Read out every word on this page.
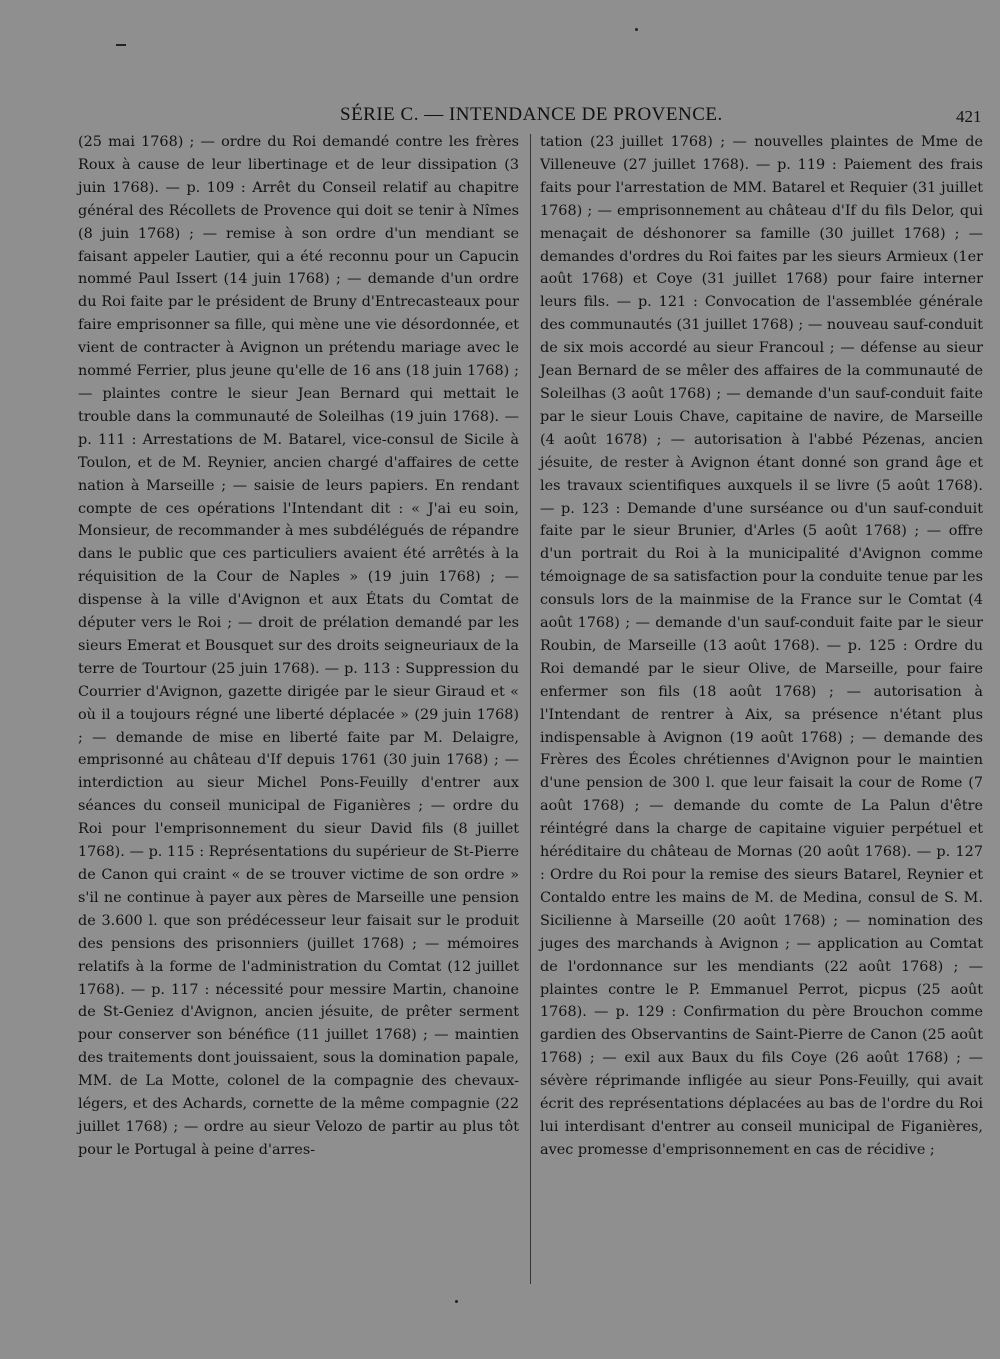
SÉRIE C. — INTENDANCE DE PROVENCE.	421
(25 mai 1768) ; — ordre du Roi demandé contre les frères Roux à cause de leur libertinage et de leur dissipation (3 juin 1768). — p. 109 : Arrêt du Conseil relatif au chapitre général des Récollets de Provence qui doit se tenir à Nîmes (8 juin 1768) ; — remise à son ordre d'un mendiant se faisant appeler Lautier, qui a été reconnu pour un Capucin nommé Paul Issert (14 juin 1768) ; — demande d'un ordre du Roi faite par le président de Bruny d'Entrecasteaux pour faire emprisonner sa fille, qui mène une vie désordonnée, et vient de contracter à Avignon un prétendu mariage avec le nommé Ferrier, plus jeune qu'elle de 16 ans (18 juin 1768) ; — plaintes contre le sieur Jean Bernard qui mettait le trouble dans la communauté de Soleilhas (19 juin 1768). — p. 111 : Arrestations de M. Batarel, vice-consul de Sicile à Toulon, et de M. Reynier, ancien chargé d'affaires de cette nation à Marseille ; — saisie de leurs papiers. En rendant compte de ces opérations l'Intendant dit : « J'ai eu soin, Monsieur, de recommander à mes subdélégués de répandre dans le public que ces particuliers avaient été arrêtés à la réquisition de la Cour de Naples » (19 juin 1768) ; — dispense à la ville d'Avignon et aux États du Comtat de députer vers le Roi ; — droit de prélation demandé par les sieurs Emerat et Bousquet sur des droits seigneuriaux de la terre de Tourtour (25 juin 1768). — p. 113 : Suppression du Courrier d'Avignon, gazette dirigée par le sieur Giraud et « où il a toujours régné une liberté déplacée » (29 juin 1768) ; — demande de mise en liberté faite par M. Delaigre, emprisonné au château d'If depuis 1761 (30 juin 1768) ; — interdiction au sieur Michel Pons-Feuilly d'entrer aux séances du conseil municipal de Figanières ; — ordre du Roi pour l'emprisonnement du sieur David fils (8 juillet 1768). — p. 115 : Représentations du supérieur de St-Pierre de Canon qui craint « de se trouver victime de son ordre » s'il ne continue à payer aux pères de Marseille une pension de 3.600 l. que son prédécesseur leur faisait sur le produit des pensions des prisonniers (juillet 1768) ; — mémoires relatifs à la forme de l'administration du Comtat (12 juillet 1768). — p. 117 : nécessité pour messire Martin, chanoine de St-Geniez d'Avignon, ancien jésuite, de prêter serment pour conserver son bénéfice (11 juillet 1768) ; — maintien des traitements dont jouissaient, sous la domination papale, MM. de La Motte, colonel de la compagnie des chevaux-légers, et des Achards, cornette de la même compagnie (22 juillet 1768) ; — ordre au sieur Velozo de partir au plus tôt pour le Portugal à peine d'arres-
tation (23 juillet 1768) ; — nouvelles plaintes de Mme de Villeneuve (27 juillet 1768). — p. 119 : Paiement des frais faits pour l'arrestation de MM. Batarel et Requier (31 juillet 1768) ; — emprisonnement au château d'If du fils Delor, qui menaçait de déshonorer sa famille (30 juillet 1768) ; — demandes d'ordres du Roi faites par les sieurs Armieux (1er août 1768) et Coye (31 juillet 1768) pour faire interner leurs fils. — p. 121 : Convocation de l'assemblée générale des communautés (31 juillet 1768) ; — nouveau sauf-conduit de six mois accordé au sieur Francoul ; — défense au sieur Jean Bernard de se mêler des affaires de la communauté de Soleilhas (3 août 1768) ; — demande d'un sauf-conduit faite par le sieur Louis Chave, capitaine de navire, de Marseille (4 août 1678) ; — autorisation à l'abbé Pézenas, ancien jésuite, de rester à Avignon étant donné son grand âge et les travaux scientifiques auxquels il se livre (5 août 1768). — p. 123 : Demande d'une surséance ou d'un sauf-conduit faite par le sieur Brunier, d'Arles (5 août 1768) ; — offre d'un portrait du Roi à la municipalité d'Avignon comme témoignage de sa satisfaction pour la conduite tenue par les consuls lors de la mainmise de la France sur le Comtat (4 août 1768) ; — demande d'un sauf-conduit faite par le sieur Roubin, de Marseille (13 août 1768). — p. 125 : Ordre du Roi demandé par le sieur Olive, de Marseille, pour faire enfermer son fils (18 août 1768) ; — autorisation à l'Intendant de rentrer à Aix, sa présence n'étant plus indispensable à Avignon (19 août 1768) ; — demande des Frères des Écoles chrétiennes d'Avignon pour le maintien d'une pension de 300 l. que leur faisait la cour de Rome (7 août 1768) ; — demande du comte de La Palun d'être réintégré dans la charge de capitaine viguier perpétuel et héréditaire du château de Mornas (20 août 1768). — p. 127 : Ordre du Roi pour la remise des sieurs Batarel, Reynier et Contaldo entre les mains de M. de Medina, consul de S. M. Sicilienne à Marseille (20 août 1768) ; — nomination des juges des marchands à Avignon ; — application au Comtat de l'ordonnance sur les mendiants (22 août 1768) ; — plaintes contre le P. Emmanuel Perrot, picpus (25 août 1768). — p. 129 : Confirmation du père Brouchon comme gardien des Observantins de Saint-Pierre de Canon (25 août 1768) ; — exil aux Baux du fils Coye (26 août 1768) ; — sévère réprimande infligée au sieur Pons-Feuilly, qui avait écrit des représentations déplacées au bas de l'ordre du Roi lui interdisant d'entrer au conseil municipal de Figanières, avec promesse d'emprisonnement en cas de récidive ;
